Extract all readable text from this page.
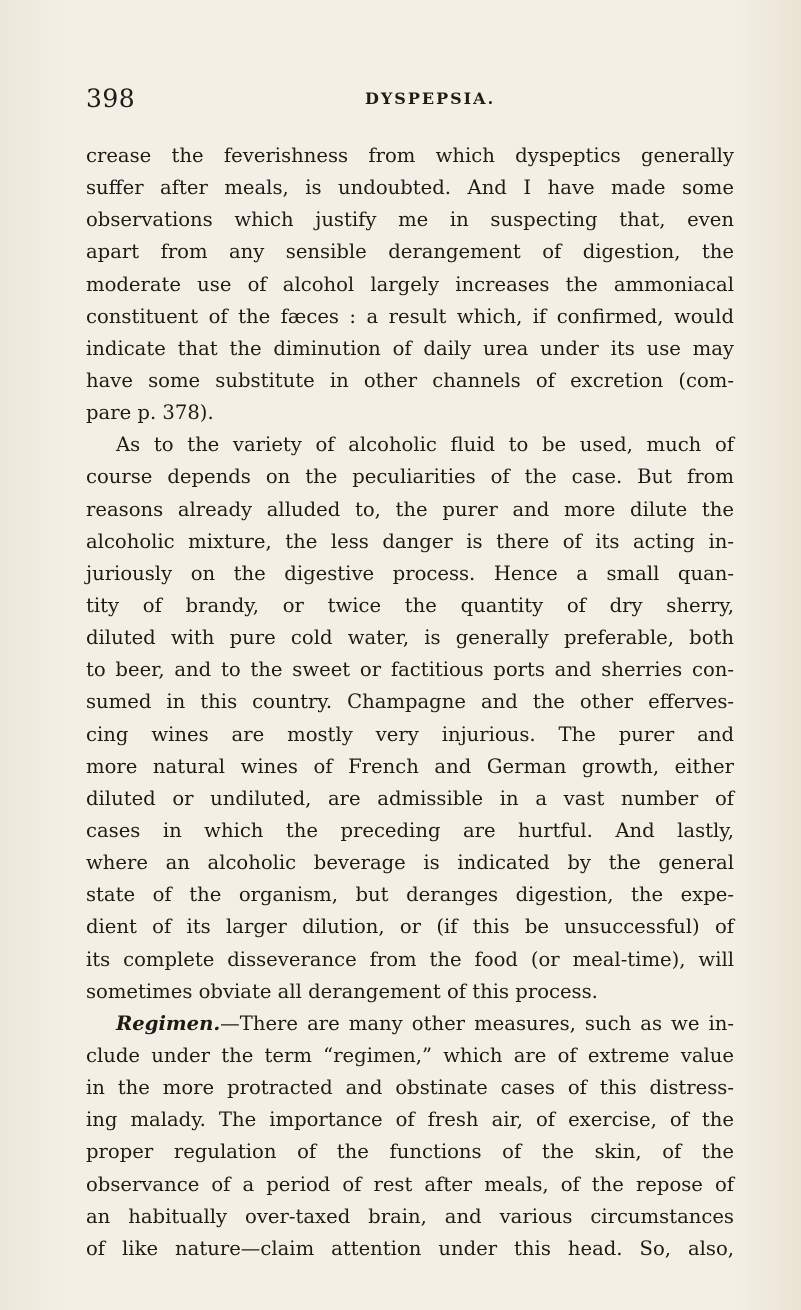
398	DYSPEPSIA.
crease the feverishness from which dyspeptics generally
suffer after meals, is undoubted. And I have made some
observations which justify me in suspecting that, even
apart from any sensible derangement of digestion, the
moderate use of alcohol largely increases the ammoniacal
constituent of the fæces : a result which, if confirmed, would
indicate that the diminution of daily urea under its use may
have some substitute in other channels of excretion (com-
pare p. 378).
As to the variety of alcoholic fluid to be used, much of
course depends on the peculiarities of the case. But from
reasons already alluded to, the purer and more dilute the
alcoholic mixture, the less danger is there of its acting in-
juriously on the digestive process. Hence a small quan-
tity of brandy, or twice the quantity of dry sherry,
diluted with pure cold water, is generally preferable, both
to beer, and to the sweet or factitious ports and sherries con-
sumed in this country. Champagne and the other efferves-
cing wines are mostly very injurious. The purer and
more natural wines of French and German growth, either
diluted or undiluted, are admissible in a vast number of
cases in which the preceding are hurtful. And lastly,
where an alcoholic beverage is indicated by the general
state of the organism, but deranges digestion, the expe-
dient of its larger dilution, or (if this be unsuccessful) of
its complete disseverance from the food (or meal-time), will
sometimes obviate all derangement of this process.
Regimen.—There are many other measures, such as we in-
clude under the term “regimen,” which are of extreme value
in the more protracted and obstinate cases of this distress-
ing malady. The importance of fresh air, of exercise, of the
proper regulation of the functions of the skin, of the
observance of a period of rest after meals, of the repose of
an habitually over-taxed brain, and various circumstances
of like nature—claim attention under this head. So, also,
